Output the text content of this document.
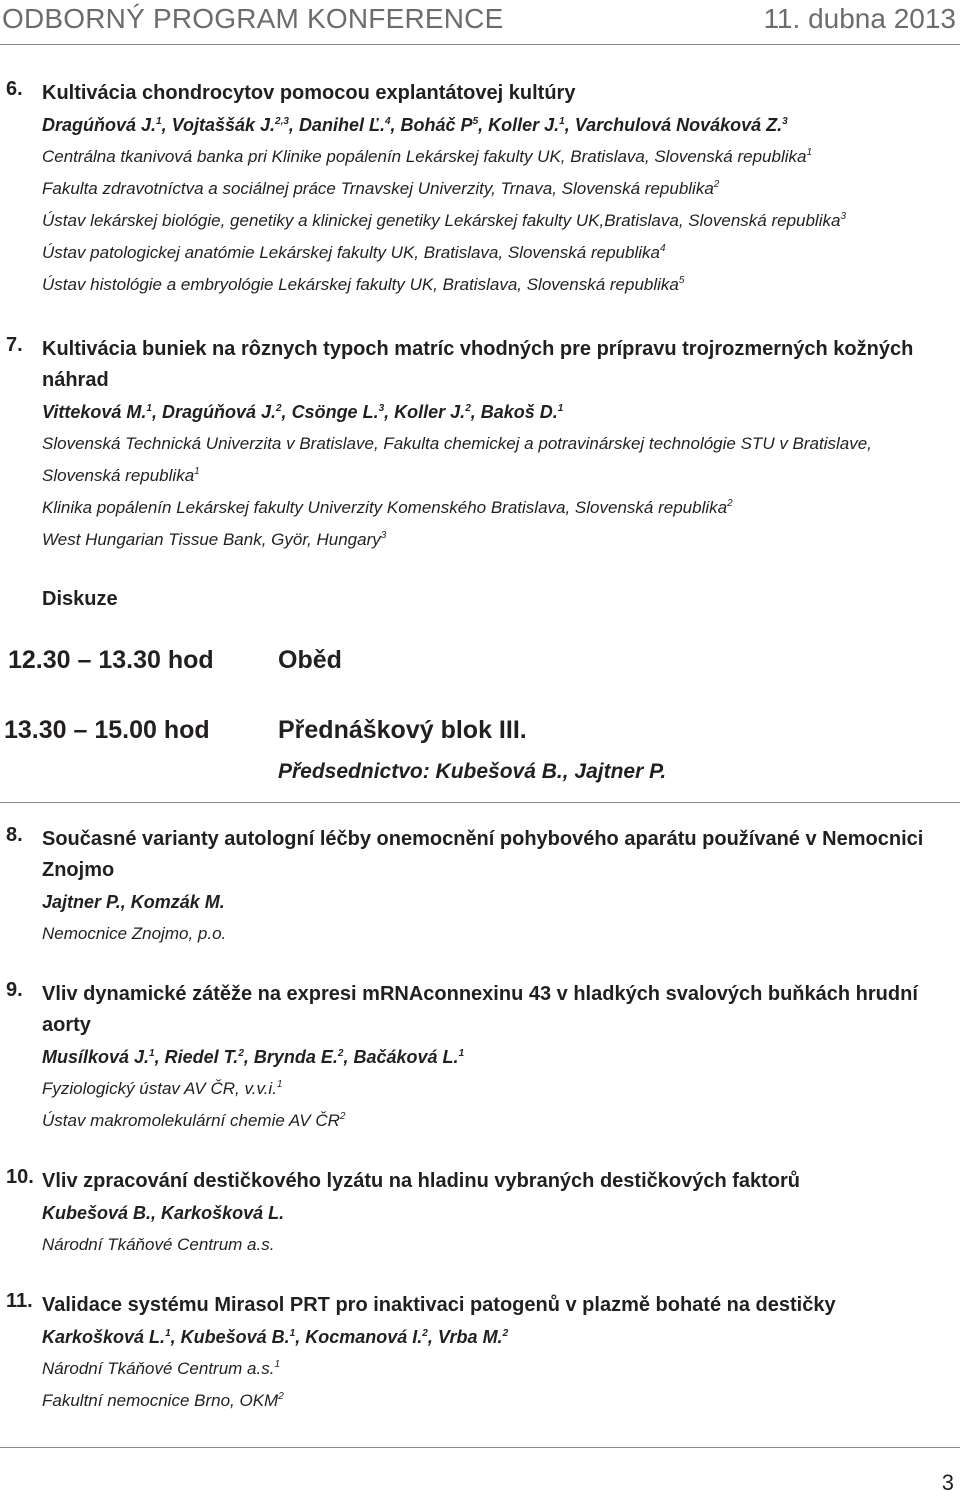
ODBORNÝ PROGRAM KONFERENCE	11. dubna 2013
6. Kultivácia chondrocytov pomocou explantátovej kultúry
Dragúňová J.$^1$, Vojtaššák J.$^{2,3}$, Danihel Ľ.$^4$, Boháč $P^5$, Koller J.$^1$, Varchulová Nováková Z.$^3$
Centrálna tkanivová banka pri Klinike popálenín Lekárskej fakulty UK, Bratislava, Slovenská republika$^1$
Fakulta zdravotníctva a sociálnej práce Trnavskej Univerzity, Trnava, Slovenská republika$^2$
Ústav lekárskej biológie, genetiky a klinickej genetiky Lekárskej fakulty UK,Bratislava, Slovenská republika$^3$
Ústav patologickej anatómie Lekárskej fakulty UK, Bratislava, Slovenská republika$^4$
Ústav histológie a embryológie Lekárskej fakulty UK, Bratislava, Slovenská republika$^5$
7. Kultivácia buniek na rôznych typoch matríc vhodných pre prípravu trojrozmerných kožných náhrad
Vitteková M.$^1$, Dragúňová J.$^2$, Csönge L.$^3$, Koller J.$^2$, Bakoš D.$^1$
Slovenská Technická Univerzita v Bratislave, Fakulta chemickej a potravinárskej technológie STU v Bratislave, Slovenská republika$^1$
Klinika popálenín Lekárskej fakulty Univerzity Komenského Bratislava, Slovenská republika$^2$
West Hungarian Tissue Bank, Györ, Hungary$^3$
Diskuze
12.30 – 13.30 hod	Oběd
13.30 – 15.00 hod	Přednáškový blok III.
Předsednictvo: Kubešová B., Jajtner P.
8. Současné varianty autologní léčby onemocnění pohybového aparátu používané v Nemocnici Znojmo
Jajtner P., Komzák M.
Nemocnice Znojmo, p.o.
9. Vliv dynamické zátěže na expresi mRNAconnexinu 43 v hladkých svalových buňkách hrudní aorty
Musílková J.$^1$, Riedel T.$^2$, Brynda E.$^2$, Bačáková L.$^1$
Fyziologický ústav AV ČR, v.v.i.$^1$
Ústav makromolekulární chemie AV $ČR^2$
10. Vliv zpracování destičkového lyzátu na hladinu vybraných destičkových faktorů
Kubešová B., Karkošková L.
Národní Tkáňové Centrum a.s.
11. Validace systému Mirasol PRT pro inaktivaci patogenů v plazmě bohaté na destičky
Karkošková L.$^1$, Kubešová B.$^1$, Kocmanová I.$^2$, Vrba M.$^2$
Národní Tkáňové Centrum a.s.$^1$
Fakultní nemocnice Brno, OKM$^2$
3
